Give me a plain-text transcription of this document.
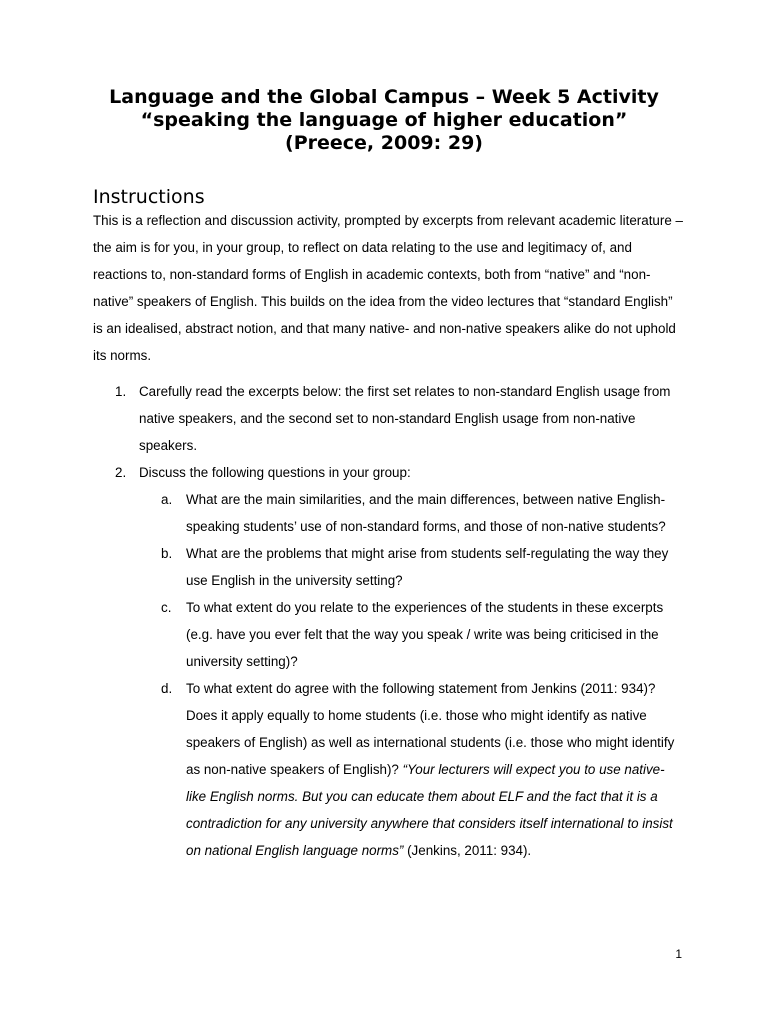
Language and the Global Campus – Week 5 Activity
“speaking the language of higher education”
(Preece, 2009: 29)
Instructions

This is a reflection and discussion activity, prompted by excerpts from relevant academic literature – the aim is for you, in your group, to reflect on data relating to the use and legitimacy of, and reactions to, non-standard forms of English in academic contexts, both from “native” and “non-native” speakers of English. This builds on the idea from the video lectures that “standard English” is an idealised, abstract notion, and that many native- and non-native speakers alike do not uphold its norms.

1. Carefully read the excerpts below: the first set relates to non-standard English usage from native speakers, and the second set to non-standard English usage from non-native speakers.
2. Discuss the following questions in your group:
a. What are the main similarities, and the main differences, between native English-speaking students’ use of non-standard forms, and those of non-native students?
b. What are the problems that might arise from students self-regulating the way they use English in the university setting?
c. To what extent do you relate to the experiences of the students in these excerpts (e.g. have you ever felt that the way you speak / write was being criticised in the university setting)?
d. To what extent do agree with the following statement from Jenkins (2011: 934)? Does it apply equally to home students (i.e. those who might identify as native speakers of English) as well as international students (i.e. those who might identify as non-native speakers of English)? “Your lecturers will expect you to use native-like English norms. But you can educate them about ELF and the fact that it is a contradiction for any university anywhere that considers itself international to insist on national English language norms” (Jenkins, 2011: 934).
1
